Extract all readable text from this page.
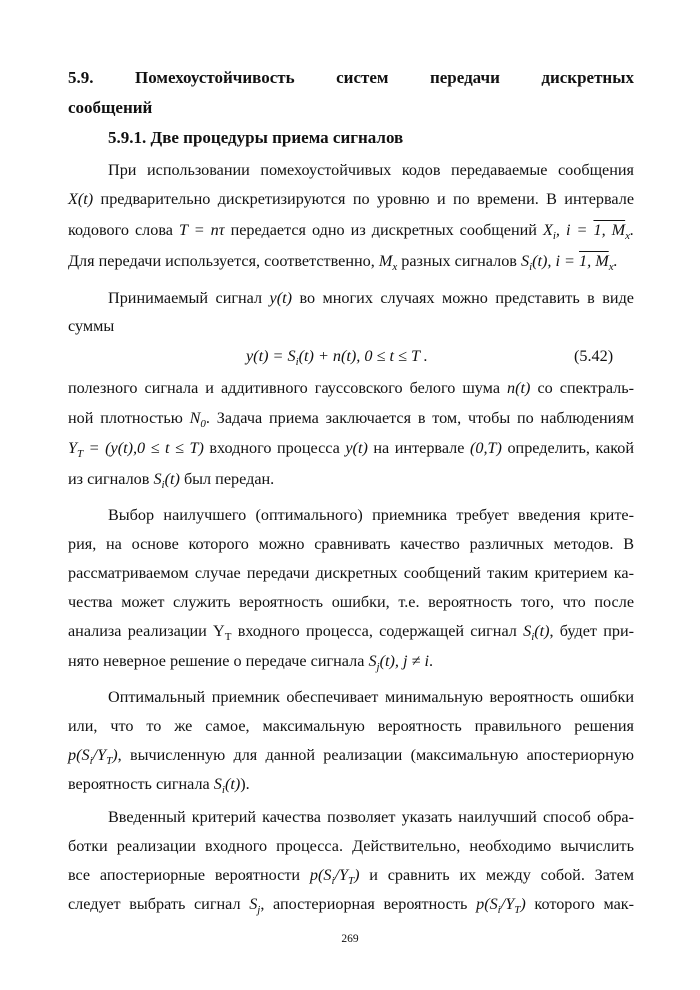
5.9. Помехоустойчивость систем передачи дискретных
сообщений
5.9.1. Две процедуры приема сигналов
При использовании помехоустойчивых кодов передаваемые сообщения
X(t) предварительно дискретизируются по уровню и по времени. В интервале
кодового слова T = nτ передается одно из дискретных сообщений $X_i$, i = 1, $M_x$.
Для передачи используется, соответственно, $M_x$ разных сигналов $S_i(t)$, i = 1, $M_x$.
Принимаемый сигнал y(t) во многих случаях можно представить в виде
суммы
$y(t) = S_i(t) + n(t)$, 0 ≤ t ≤ T .	(5.42)
полезного сигнала и аддитивного гауссовского белого шума n(t) со спектраль-
ной плотностью $N_0$. Задача приема заключается в том, чтобы по наблюдениям
$Y_T = (y(t),0 \le t \le T)$ входного процесса y(t) на интервале (0,T) определить, какой
из сигналов $S_i(t)$ был передан.
Выбор наилучшего (оптимального) приемника требует введения крите-
рия, на основе которого можно сравнивать качество различных методов. В
рассматриваемом случае передачи дискретных сообщений таким критерием ка-
чества может служить вероятность ошибки, т.е. вероятность того, что после
анализа реализации $Y_T$ входного процесса, содержащей сигнал $S_i(t)$, будет при-
нято неверное решение о передаче сигнала $S_j(t)$, j ≠ i.
Оптимальный приемник обеспечивает минимальную вероятность ошибки
или, что то же самое, максимальную вероятность правильного решения
$p(S_i/Y_T)$, вычисленную для данной реализации (максимальную апостериорную
вероятность сигнала $S_i(t)$).
Введенный критерий качества позволяет указать наилучший способ обра-
ботки реализации входного процесса. Действительно, необходимо вычислить
все апостериорные вероятности $p(S_i/Y_T)$ и сравнить их между собой. Затем
следует выбрать сигнал $S_j$, апостериорная вероятность $p(S_i/Y_T)$ которого мак-
269
